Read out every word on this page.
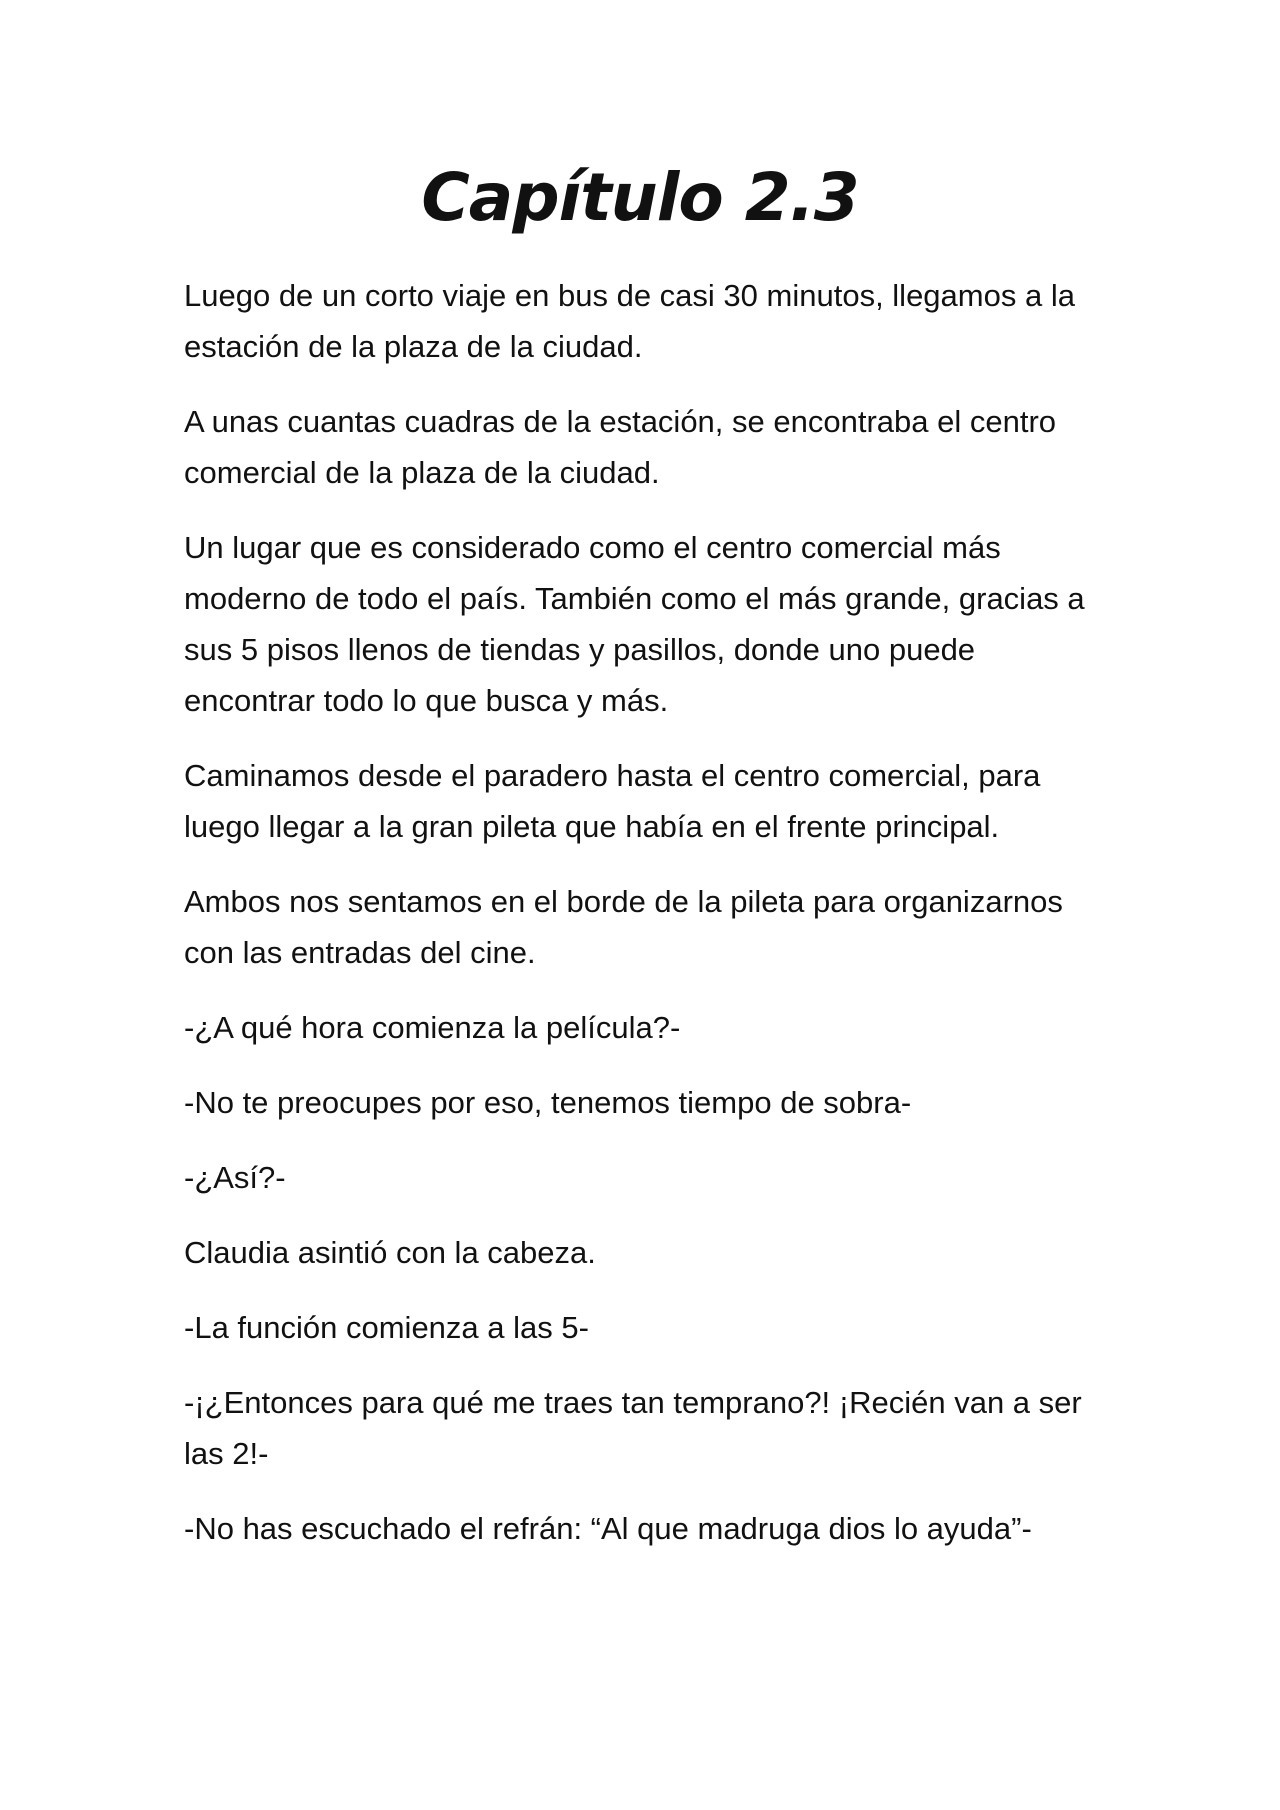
Capítulo 2.3

Luego de un corto viaje en bus de casi 30 minutos, llegamos a la estación de la plaza de la ciudad.

A unas cuantas cuadras de la estación, se encontraba el centro comercial de la plaza de la ciudad.

Un lugar que es considerado como el centro comercial más moderno de todo el país. También como el más grande, gracias a sus 5 pisos llenos de tiendas y pasillos, donde uno puede encontrar todo lo que busca y más.

Caminamos desde el paradero hasta el centro comercial, para luego llegar a la gran pileta que había en el frente principal.

Ambos nos sentamos en el borde de la pileta para organizarnos con las entradas del cine.

-¿A qué hora comienza la película?-

-No te preocupes por eso, tenemos tiempo de sobra-

-¿Así?-

Claudia asintió con la cabeza.

-La función comienza a las 5-

-¡¿Entonces para qué me traes tan temprano?! ¡Recién van a ser las 2!-

-No has escuchado el refrán: “Al que madruga dios lo ayuda”-
